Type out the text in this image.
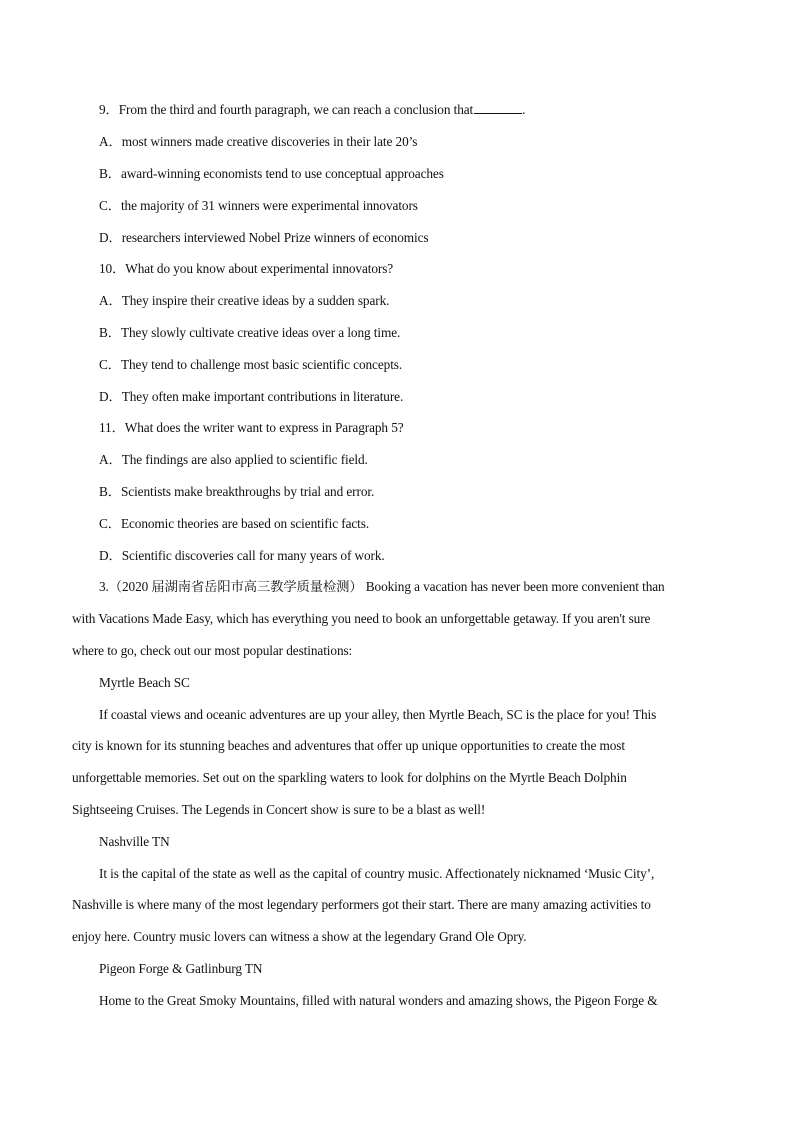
9．From the third and fourth paragraph, we can reach a conclusion that	.
A．most winners made creative discoveries in their late 20’s
B．award-winning economists tend to use conceptual approaches
C．the majority of 31 winners were experimental innovators
D．researchers interviewed Nobel Prize winners of economics
10．What do you know about experimental innovators?
A．They inspire their creative ideas by a sudden spark.
B．They slowly cultivate creative ideas over a long time.
C．They tend to challenge most basic scientific concepts.
D．They often make important contributions in literature.
11．What does the writer want to express in Paragraph 5?
A．The findings are also applied to scientific field.
B．Scientists make breakthroughs by trial and error.
C．Economic theories are based on scientific facts.
D．Scientific discoveries call for many years of work.
3.（2020 届湖南省岳阳市高三教学质量检测） Booking a vacation has never been more convenient than
with Vacations Made Easy, which has everything you need to book an unforgettable getaway. If you aren't sure
where to go, check out our most popular destinations:
Myrtle Beach SC
If coastal views and oceanic adventures are up your alley, then Myrtle Beach, SC is the place for you! This
city is known for its stunning beaches and adventures that offer up unique opportunities to create the most
unforgettable memories. Set out on the sparkling waters to look for dolphins on the Myrtle Beach Dolphin
Sightseeing Cruises. The Legends in Concert show is sure to be a blast as well!
Nashville TN
It is the capital of the state as well as the capital of country music. Affectionately nicknamed ‘Music City’,
Nashville is where many of the most legendary performers got their start. There are many amazing activities to
enjoy here. Country music lovers can witness a show at the legendary Grand Ole Opry.
Pigeon Forge & Gatlinburg TN
Home to the Great Smoky Mountains, filled with natural wonders and amazing shows, the Pigeon Forge &
